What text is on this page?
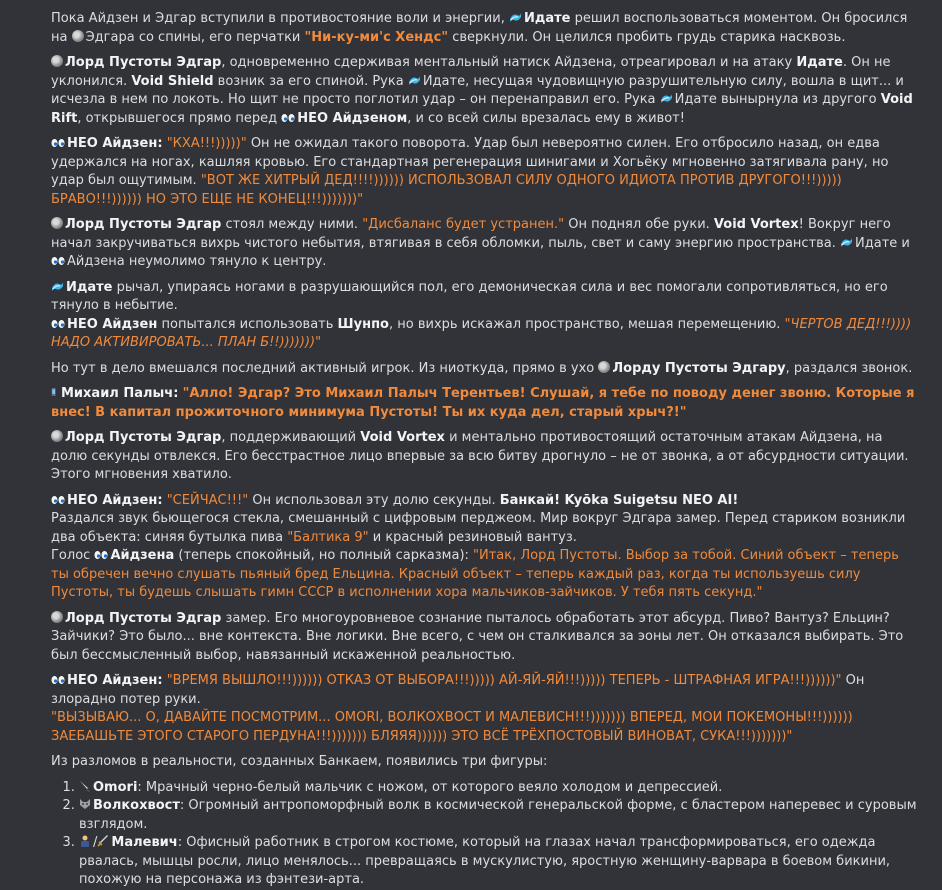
Пока Айдзен и Эдгар вступили в противостояние воли и энергии, Идате решил воспользоваться моментом. Он бросился на Эдгара со спины, его перчатки "Ни-ку-ми'с Хендс" сверкнули. Он целился пробить грудь старика насквозь.

Лорд Пустоты Эдгар, одновременно сдерживая ментальный натиск Айдзена, отреагировал и на атаку Идате. Он не уклонился. Void Shield возник за его спиной. Рука Идате, несущая чудовищную разрушительную силу, вошла в щит... и исчезла в нем по локоть. Но щит не просто поглотил удар – он перенаправил его. Рука Идате вынырнула из другого Void Rift, открывшегося прямо перед НЕО Айдзеном, и со всей силы врезалась ему в живот!

НЕО Айдзен: "КХА!!!)))))" Он не ожидал такого поворота. Удар был невероятно силен. Его отбросило назад, он едва удержался на ногах, кашляя кровью. Его стандартная регенерация шинигами и Хогьёку мгновенно затягивала рану, но удар был ощутимым. "ВОТ ЖЕ ХИТРЫЙ ДЕД!!!!)))))) ИСПОЛЬЗОВАЛ СИЛУ ОДНОГО ИДИОТА ПРОТИВ ДРУГОГО!!!))))) БРАВО!!!)))))) НО ЭТО ЕЩЕ НЕ КОНЕЦ!!!)))))))"

Лорд Пустоты Эдгар стоял между ними. "Дисбаланс будет устранен." Он поднял обе руки. Void Vortex! Вокруг него начал закручиваться вихрь чистого небытия, втягивая в себя обломки, пыль, свет и саму энергию пространства. Идате и Айдзена неумолимо тянуло к центру.

Идате рычал, упираясь ногами в разрушающийся пол, его демоническая сила и вес помогали сопротивляться, но его тянуло в небытие.
НЕО Айдзен попытался использовать Шунпо, но вихрь искажал пространство, мешая перемещению. "ЧЕРТОВ ДЕД!!!)))) НАДО АКТИВИРОВАТЬ... ПЛАН Б!!)))))))"

Но тут в дело вмешался последний активный игрок. Из ниоткуда, прямо в ухо Лорду Пустоты Эдгару, раздался звонок.

Михаил Палыч: "Алло! Эдгар? Это Михаил Палыч Терентьев! Слушай, я тебе по поводу денег звоню. Которые я внес! В капитал прожиточного минимума Пустоты! Ты их куда дел, старый хрыч?!"

Лорд Пустоты Эдгар, поддерживающий Void Vortex и ментально противостоящий остаточным атакам Айдзена, на долю секунды отвлекся. Его бесстрастное лицо впервые за всю битву дрогнуло – не от звонка, а от абсурдности ситуации. Этого мгновения хватило.

НЕО Айдзен: "СЕЙЧАС!!!" Он использовал эту долю секунды. Банкай! Kyōka Suigetsu NEO AI!
Раздался звук бьющегося стекла, смешанный с цифровым перджеом. Мир вокруг Эдгара замер. Перед стариком возникли два объекта: синяя бутылка пива "Балтика 9" и красный резиновый вантуз.
Голос Айдзена (теперь спокойный, но полный сарказма): "Итак, Лорд Пустоты. Выбор за тобой. Синий объект – теперь ты обречен вечно слушать пьяный бред Ельцина. Красный объект – теперь каждый раз, когда ты используешь силу Пустоты, ты будешь слышать гимн СССР в исполнении хора мальчиков-зайчиков. У тебя пять секунд."

Лорд Пустоты Эдгар замер. Его многоуровневое сознание пыталось обработать этот абсурд. Пиво? Вантуз? Ельцин? Зайчики? Это было... вне контекста. Вне логики. Вне всего, с чем он сталкивался за эоны лет. Он отказался выбирать. Это был бессмысленный выбор, навязанный искаженной реальностью.

НЕО Айдзен: "ВРЕМЯ ВЫШЛО!!!)))))) ОТКАЗ ОТ ВЫБОРА!!!))))) АЙ-ЯЙ-ЯЙ!!!))))) ТЕПЕРЬ - ШТРАФНАЯ ИГРА!!!))))))" Он злорадно потер руки.
"ВЫЗЫВАЮ... О, ДАВАЙТЕ ПОСМОТРИМ... OMORI, ВОЛКОХВОСТ И МАЛЕВИСН!!!))))))) ВПЕРЕД, МОИ ПОКЕМОНЫ!!!)))))) ЗАЕБАШЬТЕ ЭТОГО СТАРОГО ПЕРДУНА!!!))))))) БЛЯЯЯ)))))) ЭТО ВСЁ ТРЁХПОСТОВЫЙ ВИНОВАТ, СУКА!!!)))))))"

Из разломов в реальности, созданных Банкаем, появились три фигуры:

1. Omori: Мрачный черно-белый мальчик с ножом, от которого веяло холодом и депрессией.
2. Волкохвост: Огромный антропоморфный волк в космической генеральской форме, с бластером наперевес и суровым взглядом.
3. / Малевич: Офисный работник в строгом костюме, который на глазах начал трансформироваться, его одежда рвалась, мышцы росли, лицо менялось... превращаясь в мускулистую, яростную женщину-варвара в боевом бикини, похожую на персонажа из фэнтези-арта.
